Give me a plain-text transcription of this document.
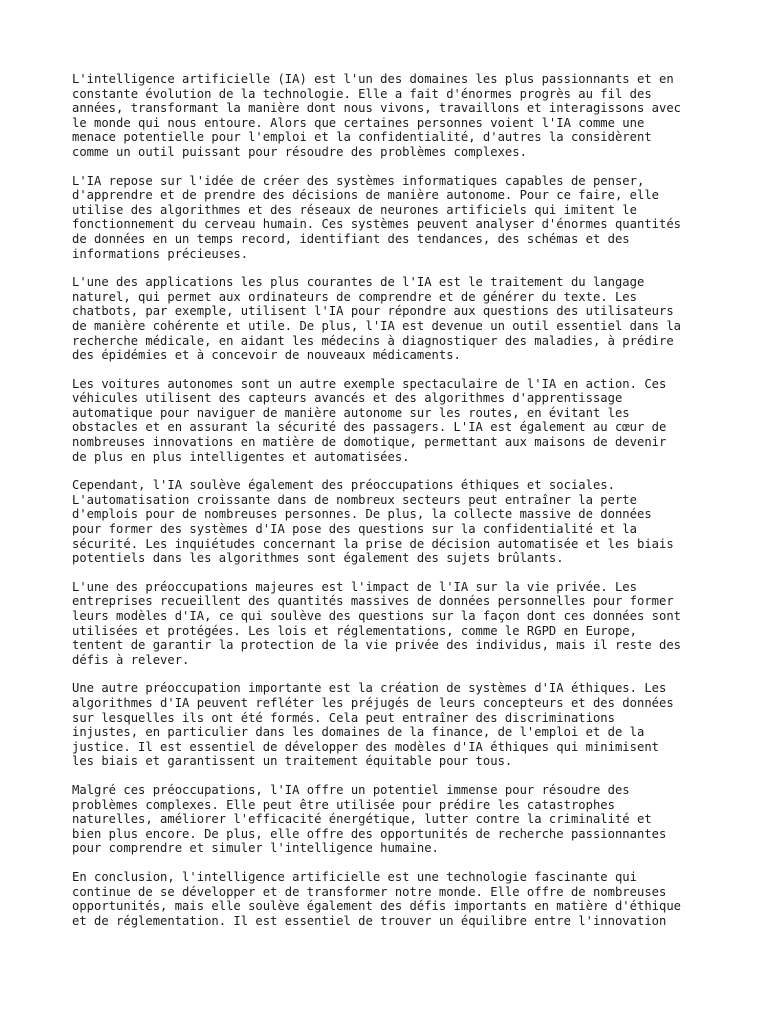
L'intelligence artificielle (IA) est l'un des domaines les plus passionnants et en
constante évolution de la technologie. Elle a fait d'énormes progrès au fil des
années, transformant la manière dont nous vivons, travaillons et interagissons avec
le monde qui nous entoure. Alors que certaines personnes voient l'IA comme une
menace potentielle pour l'emploi et la confidentialité, d'autres la considèrent
comme un outil puissant pour résoudre des problèmes complexes.

L'IA repose sur l'idée de créer des systèmes informatiques capables de penser,
d'apprendre et de prendre des décisions de manière autonome. Pour ce faire, elle
utilise des algorithmes et des réseaux de neurones artificiels qui imitent le
fonctionnement du cerveau humain. Ces systèmes peuvent analyser d'énormes quantités
de données en un temps record, identifiant des tendances, des schémas et des
informations précieuses.

L'une des applications les plus courantes de l'IA est le traitement du langage
naturel, qui permet aux ordinateurs de comprendre et de générer du texte. Les
chatbots, par exemple, utilisent l'IA pour répondre aux questions des utilisateurs
de manière cohérente et utile. De plus, l'IA est devenue un outil essentiel dans la
recherche médicale, en aidant les médecins à diagnostiquer des maladies, à prédire
des épidémies et à concevoir de nouveaux médicaments.

Les voitures autonomes sont un autre exemple spectaculaire de l'IA en action. Ces
véhicules utilisent des capteurs avancés et des algorithmes d'apprentissage
automatique pour naviguer de manière autonome sur les routes, en évitant les
obstacles et en assurant la sécurité des passagers. L'IA est également au cœur de
nombreuses innovations en matière de domotique, permettant aux maisons de devenir
de plus en plus intelligentes et automatisées.

Cependant, l'IA soulève également des préoccupations éthiques et sociales.
L'automatisation croissante dans de nombreux secteurs peut entraîner la perte
d'emplois pour de nombreuses personnes. De plus, la collecte massive de données
pour former des systèmes d'IA pose des questions sur la confidentialité et la
sécurité. Les inquiétudes concernant la prise de décision automatisée et les biais
potentiels dans les algorithmes sont également des sujets brûlants.

L'une des préoccupations majeures est l'impact de l'IA sur la vie privée. Les
entreprises recueillent des quantités massives de données personnelles pour former
leurs modèles d'IA, ce qui soulève des questions sur la façon dont ces données sont
utilisées et protégées. Les lois et réglementations, comme le RGPD en Europe,
tentent de garantir la protection de la vie privée des individus, mais il reste des
défis à relever.

Une autre préoccupation importante est la création de systèmes d'IA éthiques. Les
algorithmes d'IA peuvent refléter les préjugés de leurs concepteurs et des données
sur lesquelles ils ont été formés. Cela peut entraîner des discriminations
injustes, en particulier dans les domaines de la finance, de l'emploi et de la
justice. Il est essentiel de développer des modèles d'IA éthiques qui minimisent
les biais et garantissent un traitement équitable pour tous.

Malgré ces préoccupations, l'IA offre un potentiel immense pour résoudre des
problèmes complexes. Elle peut être utilisée pour prédire les catastrophes
naturelles, améliorer l'efficacité énergétique, lutter contre la criminalité et
bien plus encore. De plus, elle offre des opportunités de recherche passionnantes
pour comprendre et simuler l'intelligence humaine.

En conclusion, l'intelligence artificielle est une technologie fascinante qui
continue de se développer et de transformer notre monde. Elle offre de nombreuses
opportunités, mais elle soulève également des défis importants en matière d'éthique
et de réglementation. Il est essentiel de trouver un équilibre entre l'innovation
